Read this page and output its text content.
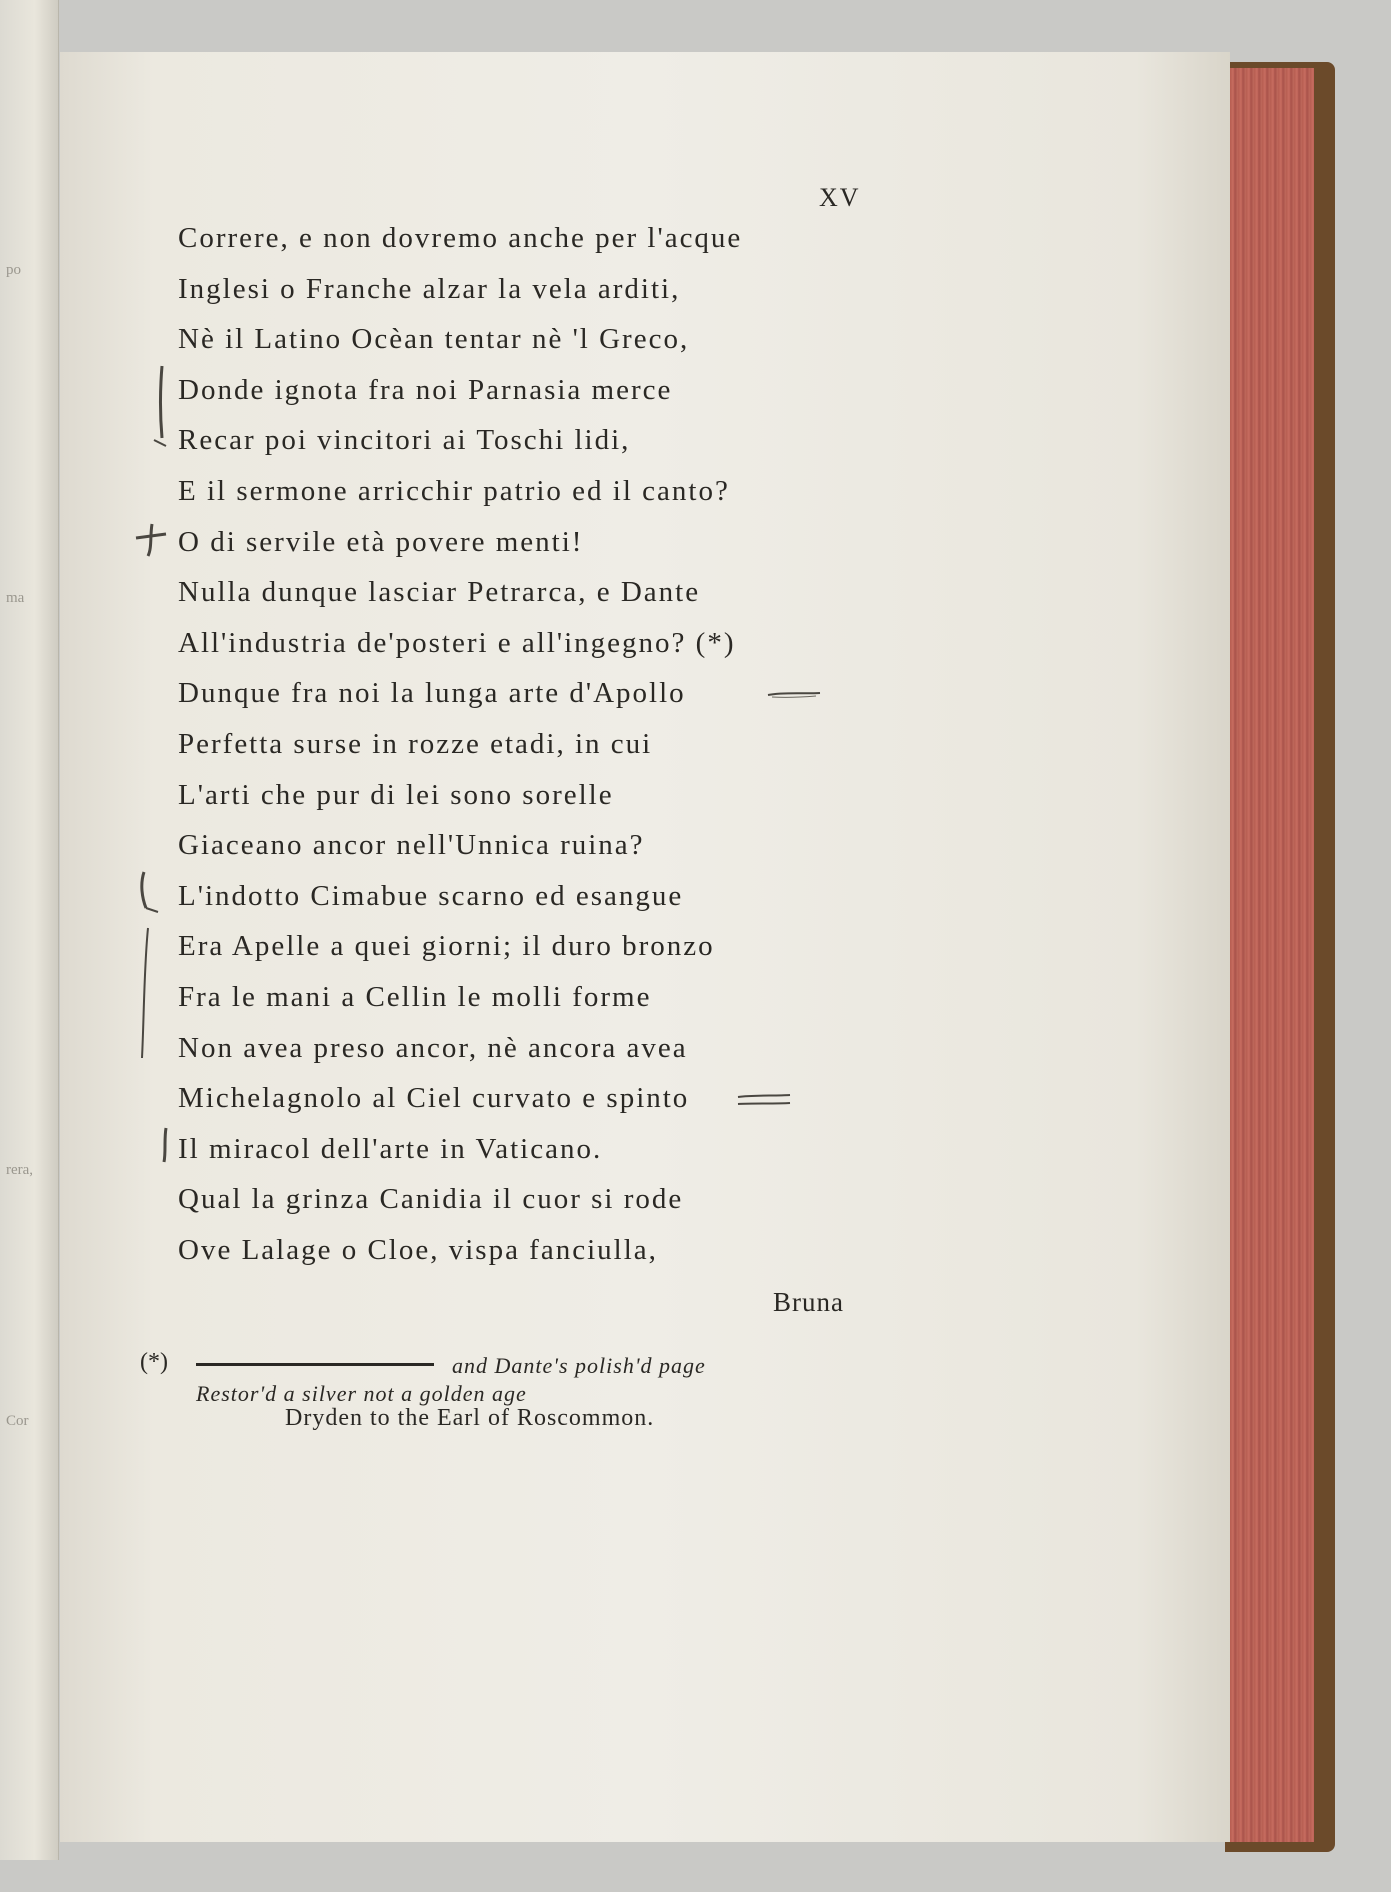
po
ma
rera,
Cor
XV
Correre, e non dovremo anche per l'acque
Inglesi o Franche alzar la vela arditi,
Nè il Latino Ocèan tentar nè 'l Greco,
Donde ignota fra noi Parnasia merce
Recar poi vincitori ai Toschi lidi,
E il sermone arricchir patrio ed il canto?
O di servile età povere menti!
Nulla dunque lasciar Petrarca, e Dante
All'industria de'posteri e all'ingegno? (*)
Dunque fra noi la lunga arte d'Apollo
Perfetta surse in rozze etadi, in cui
L'arti che pur di lei sono sorelle
Giaceano ancor nell'Unnica ruina?
L'indotto Cimabue scarno ed esangue
Era Apelle a quei giorni; il duro bronzo
Fra le mani a Cellin le molli forme
Non avea preso ancor, nè ancora avea
Michelagnolo al Ciel curvato e spinto
Il miracol dell'arte in Vaticano.
Qual la grinza Canidia il cuor si rode
Ove Lalage o Cloe, vispa fanciulla,
Bruna
(*)	and Dante's polish'd page
Restor'd a silver not a golden age
Dryden to the Earl of Roscommon.
